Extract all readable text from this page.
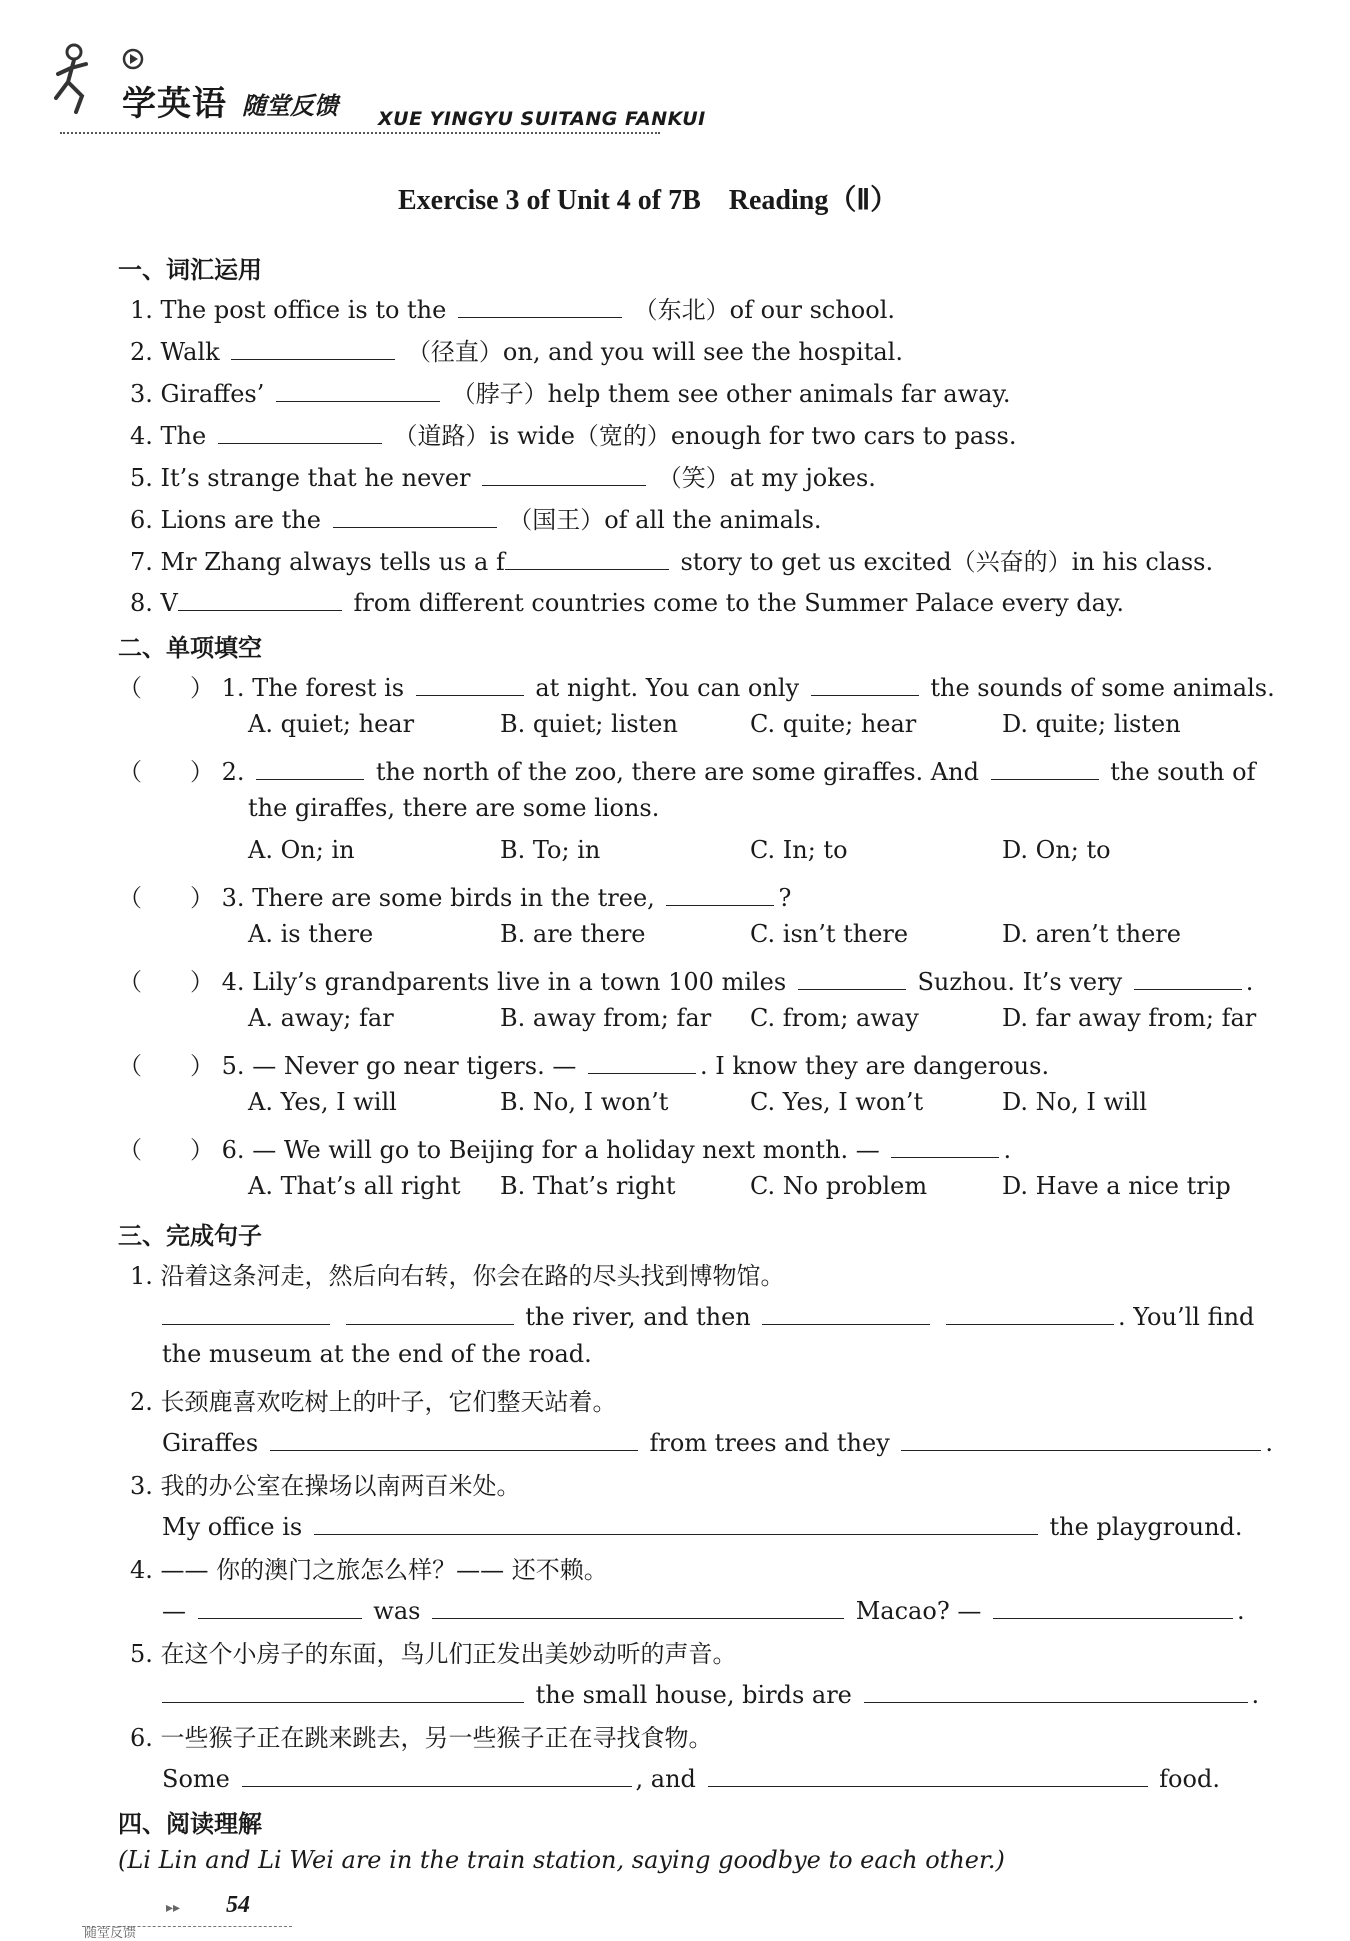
学英语 随堂反馈 XUE YINGYU SUITANG FANKUI
Exercise 3 of Unit 4 of 7B　Reading（Ⅱ）
一、词汇运用
1. The post office is to the	（东北）of our school.
2. Walk	（径直）on, and you will see the hospital.
3. Giraffes’	（脖子）help them see other animals far away.
4. The	（道路）is wide（宽的）enough for two cars to pass.
5. It’s strange that he never	（笑）at my jokes.
6. Lions are the	（国王）of all the animals.
7. Mr Zhang always tells us a f	story to get us excited（兴奋的）in his class.
8. V	from different countries come to the Summer Palace every day.
二、单项填空
（　　） 1. The forest is	at night. You can only	the sounds of some animals.
A. quiet; hear	B. quiet; listen	C. quite; hear	D. quite; listen
（　　） 2.	the north of the zoo, there are some giraffes. And	the south of
the giraffes, there are some lions.
A. On; in	B. To; in	C. In; to	D. On; to
（　　） 3. There are some birds in the tree,	?
A. is there	B. are there	C. isn’t there	D. aren’t there
（　　） 4. Lily’s grandparents live in a town 100 miles	Suzhou. It’s very	.
A. away; far	B. away from; far C. from; away	D. far away from; far
（　　） 5. — Never go near tigers. —	. I know they are dangerous.
A. Yes, I will	B. No, I won’t	C. Yes, I won’t	D. No, I will
（　　） 6. — We will go to Beijing for a holiday next month. —	.
A. That’s all right B. That’s right	C. No problem	D. Have a nice trip
三、完成句子
1. 沿着这条河走，然后向右转，你会在路的尽头找到博物馆。
the river, and then	. You’ll find
the museum at the end of the road.
2. 长颈鹿喜欢吃树上的叶子，它们整天站着。
Giraffes	from trees and they	.
3. 我的办公室在操场以南两百米处。
My office is	the playground.
4. —— 你的澳门之旅怎么样？—— 还不赖。
—	was	Macao? —	.
5. 在这个小房子的东面，鸟儿们正发出美妙动听的声音。
the small house, birds are	.
6. 一些猴子正在跳来跳去，另一些猴子正在寻找食物。
Some	, and	food.
四、阅读理解
(Li Lin and Li Wei are in the train station, saying goodbye to each other.)
▸▸ 54
随堂反馈
